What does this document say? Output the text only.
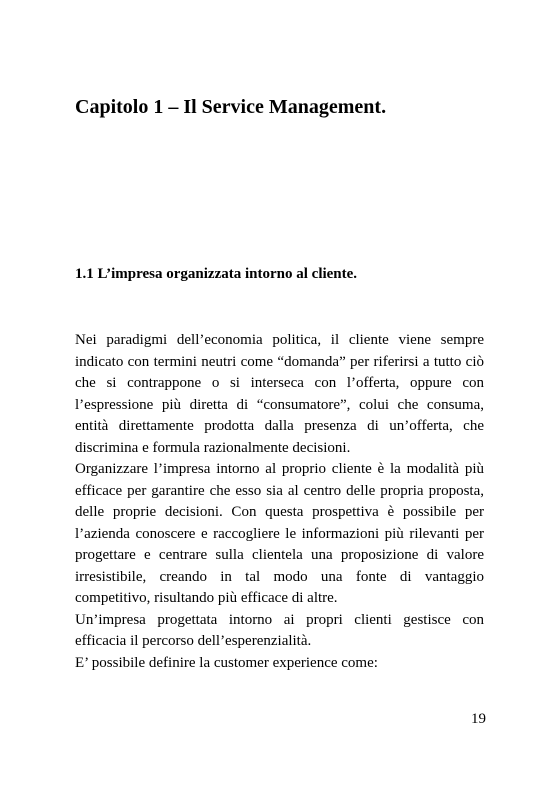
Capitolo 1 – Il Service Management.
1.1 L’impresa organizzata intorno al cliente.

Nei paradigmi dell’economia politica, il cliente viene sempre indicato con termini neutri come “domanda” per riferirsi a tutto ciò che si contrappone o si interseca con l’offerta, oppure con l’espressione più diretta di “consumatore”, colui che consuma, entità direttamente prodotta dalla presenza di un’offerta, che discrimina e formula razionalmente decisioni.

Organizzare l’impresa intorno al proprio cliente è la modalità più efficace per garantire che esso sia al centro delle propria proposta, delle proprie decisioni. Con questa prospettiva è possibile per l’azienda conoscere e raccogliere le informazioni più rilevanti per progettare e centrare sulla clientela una proposizione di valore irresistibile, creando in tal modo una fonte di vantaggio competitivo, risultando più efficace di altre.

Un’impresa progettata intorno ai propri clienti gestisce con efficacia il percorso dell’esperenzialità.

E’ possibile definire la customer experience come:

19
